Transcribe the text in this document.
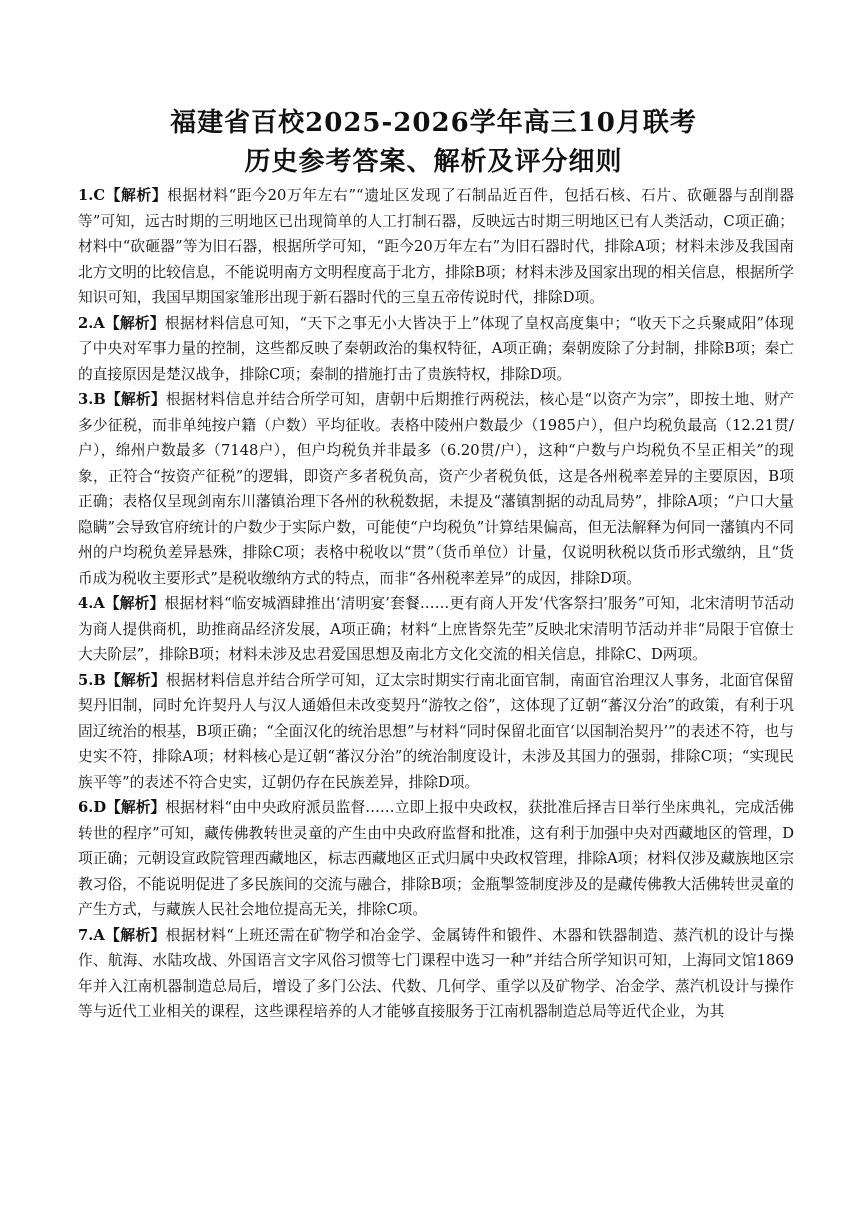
福建省百校2025-2026学年高三10月联考
历史参考答案、解析及评分细则

1.C【解析】根据材料“距今20万年左右”“遗址区发现了石制品近百件，包括石核、石片、砍砸器与刮削器等”可知，远古时期的三明地区已出现简单的人工打制石器，反映远古时期三明地区已有人类活动，C项正确；材料中“砍砸器”等为旧石器，根据所学可知，“距今20万年左右”为旧石器时代，排除A项；材料未涉及我国南北方文明的比较信息，不能说明南方文明程度高于北方，排除B项；材料未涉及国家出现的相关信息，根据所学知识可知，我国早期国家雏形出现于新石器时代的三皇五帝传说时代，排除D项。

2.A【解析】根据材料信息可知，“天下之事无小大皆决于上”体现了皇权高度集中；“收天下之兵聚咸阳”体现了中央对军事力量的控制，这些都反映了秦朝政治的集权特征，A项正确；秦朝废除了分封制，排除B项；秦亡的直接原因是楚汉战争，排除C项；秦制的措施打击了贵族特权，排除D项。

3.B【解析】根据材料信息并结合所学可知，唐朝中后期推行两税法，核心是“以资产为宗”，即按土地、财产多少征税，而非单纯按户籍（户数）平均征收。表格中陵州户数最少（1985户），但户均税负最高（12.21贯/户），绵州户数最多（7148户），但户均税负并非最多（6.20贯/户），这种“户数与户均税负不呈正相关”的现象，正符合“按资产征税”的逻辑，即资产多者税负高，资产少者税负低，这是各州税率差异的主要原因，B项正确；表格仅呈现剑南东川藩镇治理下各州的秋税数据，未提及“藩镇割据的动乱局势”，排除A项；“户口大量隐瞒”会导致官府统计的户数少于实际户数，可能使“户均税负”计算结果偏高，但无法解释为何同一藩镇内不同州的户均税负差异悬殊，排除C项；表格中税收以“贯”（货币单位）计量，仅说明秋税以货币形式缴纳，且“货币成为税收主要形式”是税收缴纳方式的特点，而非“各州税率差异”的成因，排除D项。

4.A【解析】根据材料“临安城酒肆推出‘清明宴’套餐……更有商人开发‘代客祭扫’服务”可知，北宋清明节活动为商人提供商机，助推商品经济发展，A项正确；材料“上庶皆祭先茔”反映北宋清明节活动并非“局限于官僚士大夫阶层”，排除B项；材料未涉及忠君爱国思想及南北方文化交流的相关信息，排除C、D两项。

5.B【解析】根据材料信息并结合所学可知，辽太宗时期实行南北面官制，南面官治理汉人事务，北面官保留契丹旧制，同时允许契丹人与汉人通婚但未改变契丹“游牧之俗”，这体现了辽朝“蕃汉分治”的政策，有利于巩固辽统治的根基，B项正确；“全面汉化的统治思想”与材料“同时保留北面官‘以国制治契丹’”的表述不符，也与史实不符，排除A项；材料核心是辽朝“蕃汉分治”的统治制度设计，未涉及其国力的强弱，排除C项；“实现民族平等”的表述不符合史实，辽朝仍存在民族差异，排除D项。

6.D【解析】根据材料“由中央政府派员监督……立即上报中央政权，获批准后择吉日举行坐床典礼，完成活佛转世的程序”可知，藏传佛教转世灵童的产生由中央政府监督和批准，这有利于加强中央对西藏地区的管理，D项正确；元朝设宣政院管理西藏地区，标志西藏地区正式归属中央政权管理，排除A项；材料仅涉及藏族地区宗教习俗，不能说明促进了多民族间的交流与融合，排除B项；金瓶掣签制度涉及的是藏传佛教大活佛转世灵童的产生方式，与藏族人民社会地位提高无关，排除C项。

7.A【解析】根据材料“上班还需在矿物学和冶金学、金属铸件和锻件、木器和铁器制造、蒸汽机的设计与操作、航海、水陆攻战、外国语言文字风俗习惯等七门课程中选习一种”并结合所学知识可知，上海同文馆1869年并入江南机器制造总局后，增设了多门公法、代数、几何学、重学以及矿物学、冶金学、蒸汽机设计与操作等与近代工业相关的课程，这些课程培养的人才能够直接服务于江南机器制造总局等近代企业，为其
